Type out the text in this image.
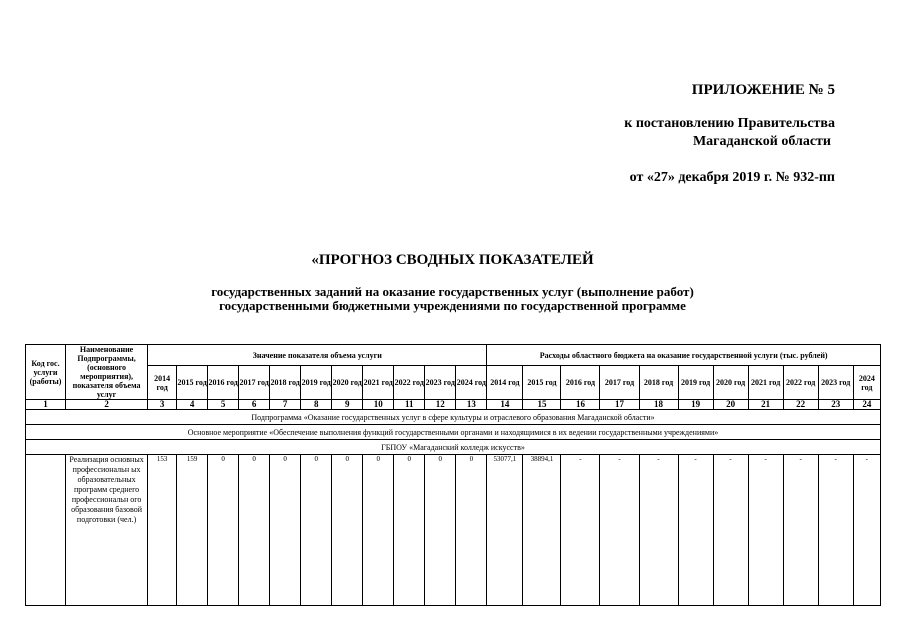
ПРИЛОЖЕНИЕ № 5
к постановлению Правительства
Магаданской области
от «27» декабря 2019 г. № 932-пп
«ПРОГНОЗ СВОДНЫХ ПОКАЗАТЕЛЕЙ
государственных заданий на оказание государственных услуг (выполнение работ)
государственными бюджетными учреждениями по государственной программе
Код гос. услуги (работы)	Наименование Подпрограммы, (основного мероприятия), показателя объема услуг	Значение показателя объема услуги											Расходы областного бюджета на оказание государственной услуги (тыс. рублей)										
		2014 год	2015 год	2016 год	2017 год	2018 год	2019 год	2020 год	2021 год	2022 год	2023 год	2024 год	2014 год	2015 год	2016 год	2017 год	2018 год	2019 год	2020 год	2021 год	2022 год	2023 год	2024 год
1	2	3	4	5	6	7	8	9	10	11	12	13	14	15	16	17	18	19	20	21	22	23	24
Подпрограмма «Оказание государственных услуг в сфере культуры и отраслевого образования Магаданской области»																							
Основное мероприятие «Обеспечение выполнения функций государственными органами и находящимися в их ведении государственными учреждениями»																							
ГБПОУ «Магаданский колледж искусств»																							
	Реализация основных профессиональн ых образовательных программ среднего профессиональн ого образования базовой подготовки (чел.)	153	159	0	0	0	0	0	0	0	0	0	53077,1	38894,1	-	-	-	-	-	-	-	-	-
